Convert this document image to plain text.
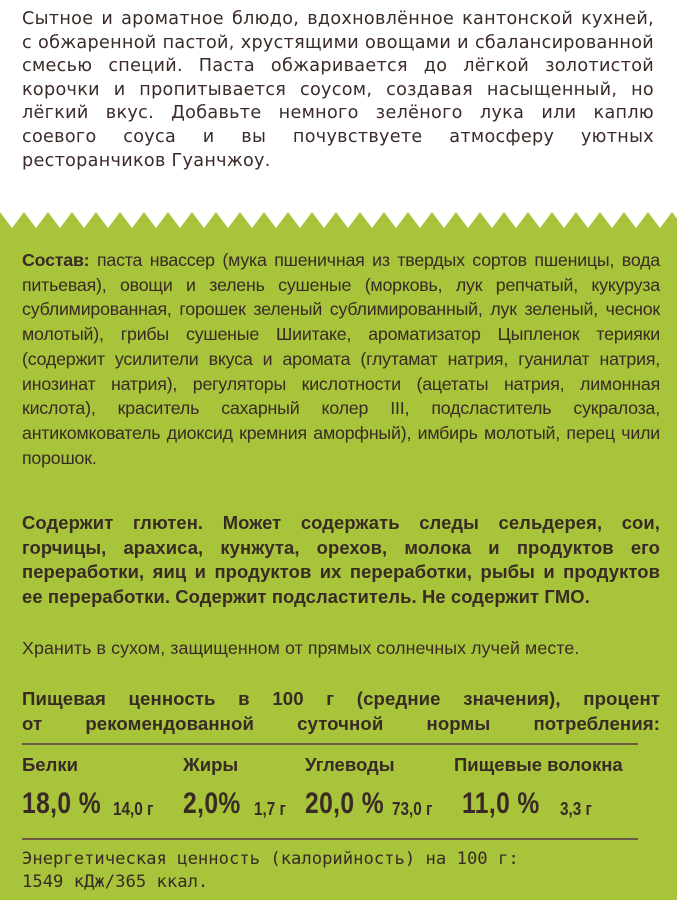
Сытное и ароматное блюдо, вдохновлённое кантонской кухней, с обжаренной пастой, хрустящими овощами и сбалансированной смесью специй. Паста обжаривается до лёгкой золотистой корочки и пропитывается соусом, создавая насыщенный, но лёгкий вкус. Добавьте немного зелёного лука или каплю соевого соуса и вы почувствуете атмосферу уютных ресторанчиков Гуанчжоу.

Состав: паста нвассер (мука пшеничная из твердых сортов пшеницы, вода питьевая), овощи и зелень сушеные (морковь, лук репчатый, кукуруза сублимированная, горошек зеленый сублимированный, лук зеленый, чеснок молотый), грибы сушеные Шиитаке, ароматизатор Цыпленок терияки (содержит усилители вкуса и аромата (глутамат натрия, гуанилат натрия, инозинат натрия), регуляторы кислотности (ацетаты натрия, лимонная кислота), краситель сахарный колер III, подсластитель сукралоза, антикомкователь диоксид кремния аморфный), имбирь молотый, перец чили порошок.

Содержит глютен. Может содержать следы сельдерея, сои, горчицы, арахиса, кунжута, орехов, молока и продуктов его переработки, яиц и продуктов их переработки, рыбы и продуктов ее переработки. Содержит подсластитель. Не содержит ГМО.

Хранить в сухом, защищенном от прямых солнечных лучей месте.

Пищевая ценность в 100 г (средние значения), процент
от рекомендованной суточной нормы потребления:
Белки	Жиры	Углеводы	Пищевые волокна
18,0 % 14,0 г 2,0% 1,7 г 20,0 % 73,0 г 11,0 % 3,3 г
Энергетическая ценность (калорийность) на 100 г:
1549 кДж/365 ккал.
